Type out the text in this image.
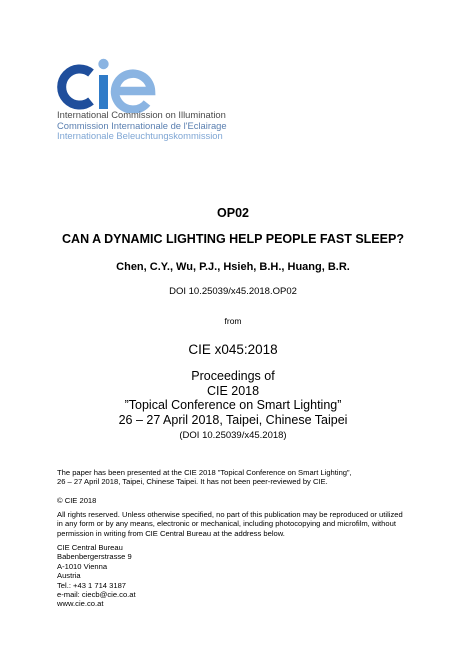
International Commission on Illumination
Commission Internationale de l'Eclairage
Internationale Beleuchtungskommission
OP02
CAN A DYNAMIC LIGHTING HELP PEOPLE FAST SLEEP?
Chen, C.Y., Wu, P.J., Hsieh, B.H., Huang, B.R.
DOI 10.25039/x45.2018.OP02
from
CIE x045:2018
Proceedings of
CIE 2018
”Topical Conference on Smart Lighting”
26 – 27 April 2018, Taipei, Chinese Taipei
(DOI 10.25039/x45.2018)
The paper has been presented at the CIE 2018 ”Topical Conference on Smart Lighting”,
26 – 27 April 2018, Taipei, Chinese Taipei. It has not been peer-reviewed by CIE.
© CIE 2018
All rights reserved. Unless otherwise specified, no part of this publication may be reproduced or utilized
in any form or by any means, electronic or mechanical, including photocopying and microfilm, without
permission in writing from CIE Central Bureau at the address below.
CIE Central Bureau
Babenbergerstrasse 9
A-1010 Vienna
Austria
Tel.: +43 1 714 3187
e-mail: ciecb@cie.co.at
www.cie.co.at
